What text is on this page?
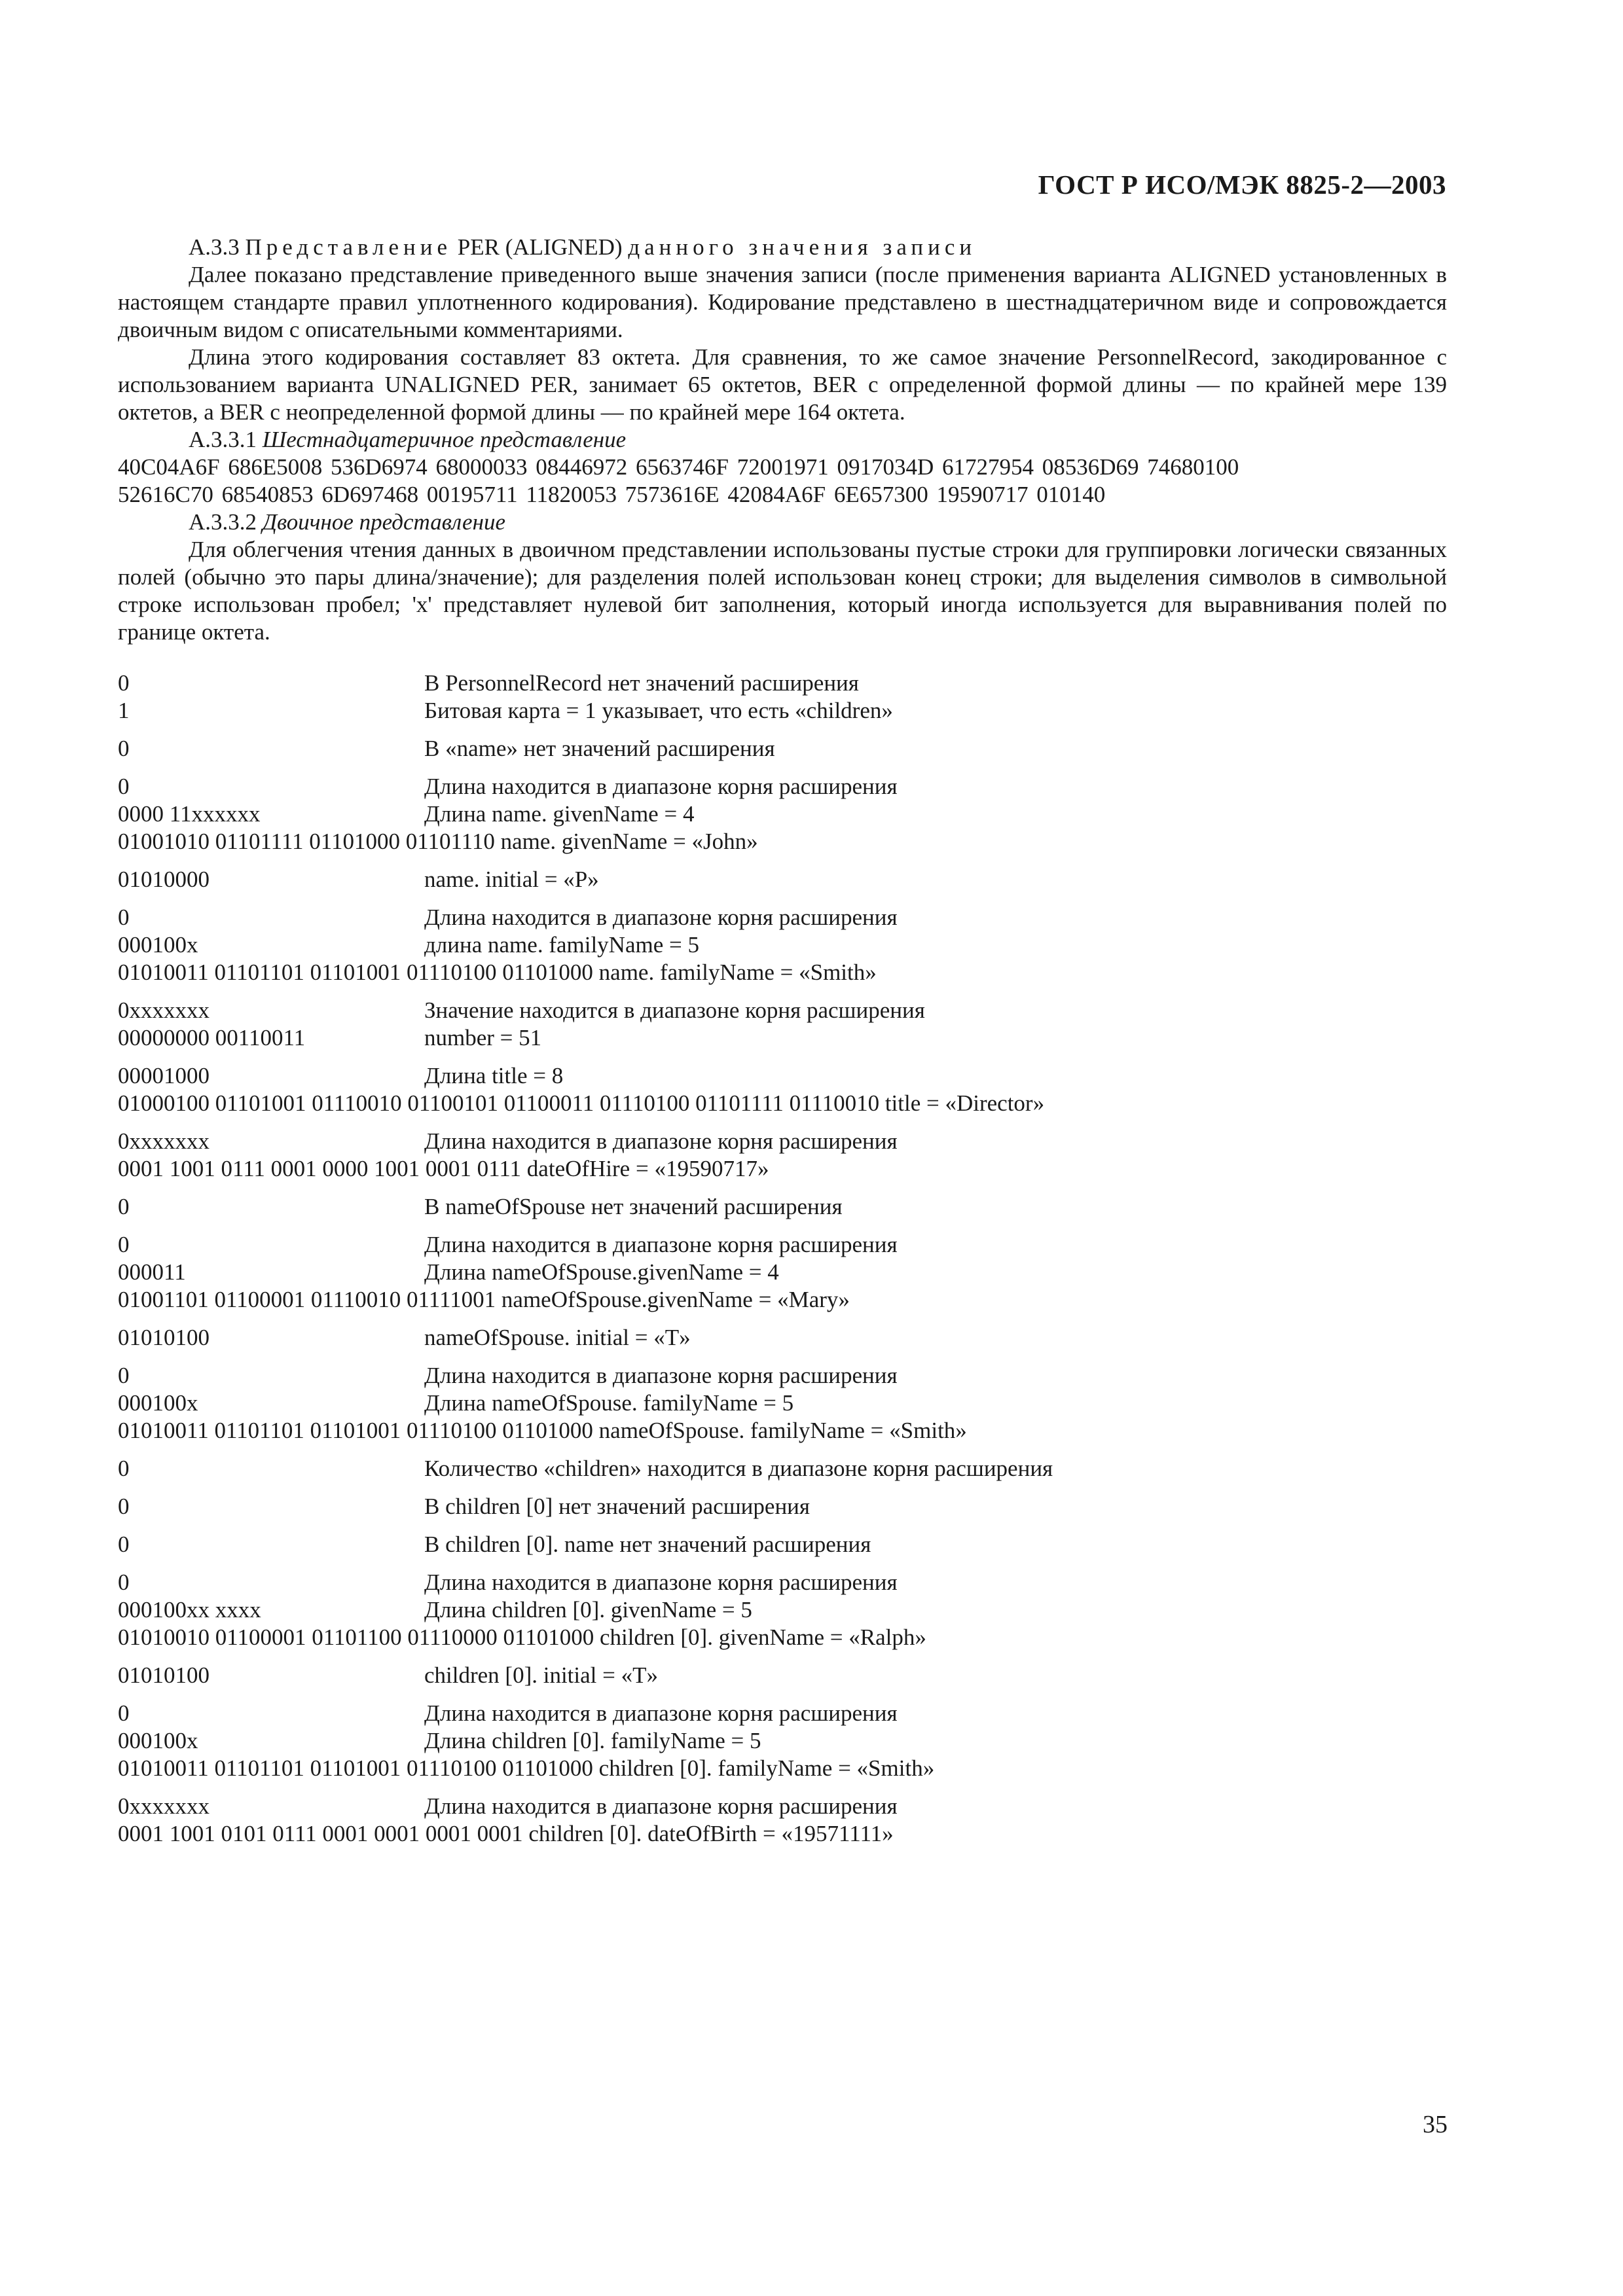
ГОСТ Р ИСО/МЭК 8825-2—2003

A.3.3 Представление PER (ALIGNED) данного значения записи

Далее показано представление приведенного выше значения записи (после применения варианта ALIGNED установленных в настоящем стандарте правил уплотненного кодирования). Кодирование представлено в шестнадцатеричном виде и сопровождается двоичным видом с описательными комментариями.

Длина этого кодирования составляет 83 октета. Для сравнения, то же самое значение PersonnelRecord, закодированное с использованием варианта UNALIGNED PER, занимает 65 октетов, BER с определенной формой длины — по крайней мере 139 октетов, а BER с неопределенной формой длины — по крайней мере 164 октета.

A.3.3.1 Шестнадцатеричное представление

40C04A6F 686E5008 536D6974 68000033 08446972 6563746F 72001971 0917034D 61727954 08536D69 74680100

52616C70 68540853 6D697468 00195711 11820053 7573616E 42084A6F 6E657300 19590717 010140

A.3.3.2 Двоичное представление

Для облегчения чтения данных в двоичном представлении использованы пустые строки для группировки логически связанных полей (обычно это пары длина/значение); для разделения полей использован конец строки; для выделения символов в символьной строке использован пробел; 'x' представляет нулевой бит заполнения, который иногда используется для выравнивания полей по границе октета.

0	В PersonnelRecord нет значений расширения
1	Битовая карта = 1 указывает, что есть «children»
0	В «name» нет значений расширения
0	Длина находится в диапазоне корня расширения
0000 11xxxxxx	Длина name. givenName = 4

01001010 01101111 01101000 01101110 name. givenName = «John»

01010000	name. initial = «P»
0	Длина находится в диапазоне корня расширения
000100x	длина name. familyName = 5

01010011 01101101 01101001 01110100 01101000 name. familyName = «Smith»

0xxxxxxx	Значение находится в диапазоне корня расширения
00000000 00110011	number = 51
00001000	Длина title = 8

01000100 01101001 01110010 01100101 01100011 01110100 01101111 01110010 title = «Director»

0xxxxxxx	Длина находится в диапазоне корня расширения

0001 1001 0111 0001 0000 1001 0001 0111 dateOfHire = «19590717»

0	В nameOfSpouse нет значений расширения
0	Длина находится в диапазоне корня расширения
000011	Длина nameOfSpouse.givenName = 4

01001101 01100001 01110010 01111001 nameOfSpouse.givenName = «Mary»

01010100	nameOfSpouse. initial = «T»
0	Длина находится в диапазоне корня расширения
000100x	Длина nameOfSpouse. familyName = 5

01010011 01101101 01101001 01110100 01101000 nameOfSpouse. familyName = «Smith»

0	Количество «children» находится в диапазоне корня расширения
0	В children [0] нет значений расширения
0	В children [0]. name нет значений расширения
0	Длина находится в диапазоне корня расширения
000100xx xxxx	Длина children [0]. givenName = 5

01010010 01100001 01101100 01110000 01101000 children [0]. givenName = «Ralph»

01010100	children [0]. initial = «T»
0	Длина находится в диапазоне корня расширения
000100x	Длина children [0]. familyName = 5

01010011 01101101 01101001 01110100 01101000 children [0]. familyName = «Smith»

0xxxxxxx	Длина находится в диапазоне корня расширения

0001 1001 0101 0111 0001 0001 0001 0001 children [0]. dateOfBirth = «19571111»

35
